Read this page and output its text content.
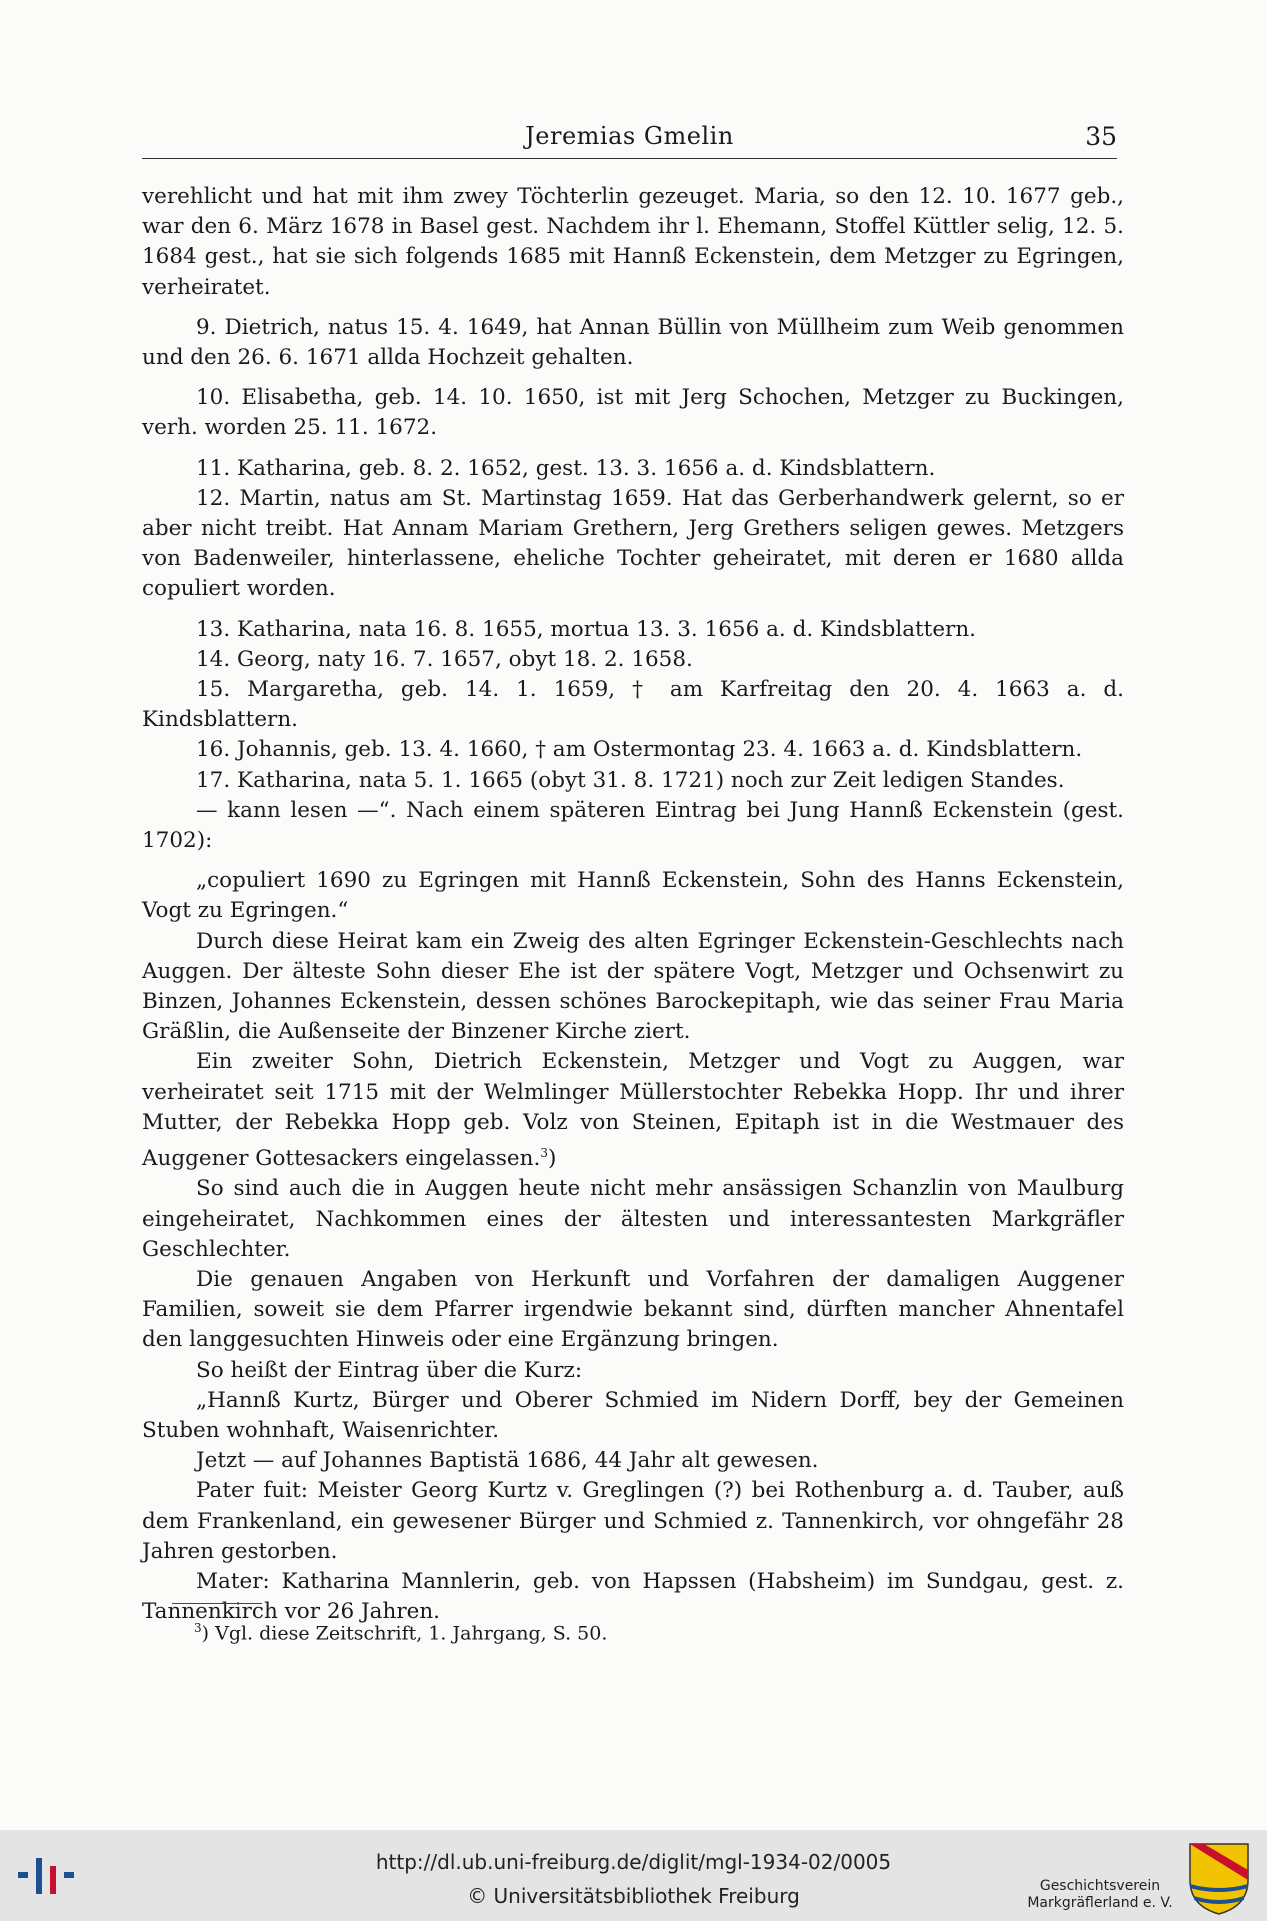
Jeremias Gmelin	35

verehlicht und hat mit ihm zwey Töchterlin gezeuget. Maria, so den 12. 10. 1677 geb., war den 6. März 1678 in Basel gest. Nachdem ihr l. Ehemann, Stoffel Küttler selig, 12. 5. 1684 gest., hat sie sich folgends 1685 mit Hannß Eckenstein, dem Metzger zu Egringen, verheiratet.

9. Dietrich, natus 15. 4. 1649, hat Annan Büllin von Müllheim zum Weib genommen und den 26. 6. 1671 allda Hochzeit gehalten.

10. Elisabetha, geb. 14. 10. 1650, ist mit Jerg Schochen, Metzger zu Buckingen, verh. worden 25. 11. 1672.

11. Katharina, geb. 8. 2. 1652, gest. 13. 3. 1656 a. d. Kindsblattern.

12. Martin, natus am St. Martinstag 1659. Hat das Gerberhandwerk gelernt, so er aber nicht treibt. Hat Annam Mariam Grethern, Jerg Grethers seligen gewes. Metzgers von Badenweiler, hinterlassene, eheliche Tochter geheiratet, mit deren er 1680 allda copuliert worden.

13. Katharina, nata 16. 8. 1655, mortua 13. 3. 1656 a. d. Kindsblattern.

14. Georg, naty 16. 7. 1657, obyt 18. 2. 1658.

15. Margaretha, geb. 14. 1. 1659, † am Karfreitag den 20. 4. 1663 a. d. Kindsblattern.

16. Johannis, geb. 13. 4. 1660, † am Ostermontag 23. 4. 1663 a. d. Kindsblattern.

17. Katharina, nata 5. 1. 1665 (obyt 31. 8. 1721) noch zur Zeit ledigen Standes.

— kann lesen —“. Nach einem späteren Eintrag bei Jung Hannß Eckenstein (gest. 1702):

„copuliert 1690 zu Egringen mit Hannß Eckenstein, Sohn des Hanns Eckenstein, Vogt zu Egringen.“

Durch diese Heirat kam ein Zweig des alten Egringer Eckenstein-Geschlechts nach Auggen. Der älteste Sohn dieser Ehe ist der spätere Vogt, Metzger und Ochsenwirt zu Binzen, Johannes Eckenstein, dessen schönes Barockepitaph, wie das seiner Frau Maria Gräßlin, die Außenseite der Binzener Kirche ziert.

Ein zweiter Sohn, Dietrich Eckenstein, Metzger und Vogt zu Auggen, war verheiratet seit 1715 mit der Welmlinger Müllerstochter Rebekka Hopp. Ihr und ihrer Mutter, der Rebekka Hopp geb. Volz von Steinen, Epitaph ist in die Westmauer des Auggener Gottesackers eingelassen.$^3$)

So sind auch die in Auggen heute nicht mehr ansässigen Schanzlin von Maulburg eingeheiratet, Nachkommen eines der ältesten und interessantesten Markgräfler Geschlechter.

Die genauen Angaben von Herkunft und Vorfahren der damaligen Auggener Familien, soweit sie dem Pfarrer irgendwie bekannt sind, dürften mancher Ahnentafel den langgesuchten Hinweis oder eine Ergänzung bringen.

So heißt der Eintrag über die Kurz:

„Hannß Kurtz, Bürger und Oberer Schmied im Nidern Dorff, bey der Gemeinen Stuben wohnhaft, Waisenrichter.

Jetzt — auf Johannes Baptistä 1686, 44 Jahr alt gewesen.

Pater fuit: Meister Georg Kurtz v. Greglingen (?) bei Rothenburg a. d. Tauber, auß dem Frankenland, ein gewesener Bürger und Schmied z. Tannenkirch, vor ohngefähr 28 Jahren gestorben.

Mater: Katharina Mannlerin, geb. von Hapssen (Habsheim) im Sundgau, gest. z. Tannenkirch vor 26 Jahren.

$^3$) Vgl. diese Zeitschrift, 1. Jahrgang, S. 50.
http://dl.ub.uni-freiburg.de/diglit/mgl-1934-02/0005
© Universitätsbibliothek Freiburg	Geschichtsverein
Markgräflerland e. V.
